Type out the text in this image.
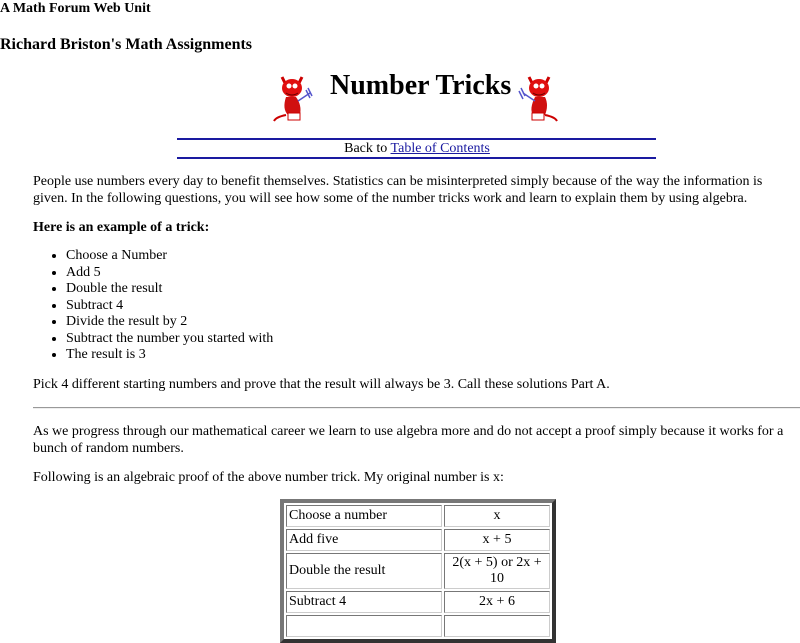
A Math Forum Web Unit
Richard Briston's Math Assignments
Number Tricks
Back to Table of Contents
People use numbers every day to benefit themselves. Statistics can be misinterpreted simply because of the way the information is given. In the following questions, you will see how some of the number tricks work and learn to explain them by using algebra.
Here is an example of a trick:
• Choose a Number
• Add 5
• Double the result
• Subtract 4
• Divide the result by 2
• Subtract the number you started with
• The result is 3
Pick 4 different starting numbers and prove that the result will always be 3. Call these solutions Part A.
As we progress through our mathematical career we learn to use algebra more and do not accept a proof simply because it works for a bunch of random numbers.
Following is an algebraic proof of the above number trick. My original number is x:
Choose a number	x
Add five	x + 5
Double the result	2(x + 5) or 2x + 10
Subtract 4	2x + 6
